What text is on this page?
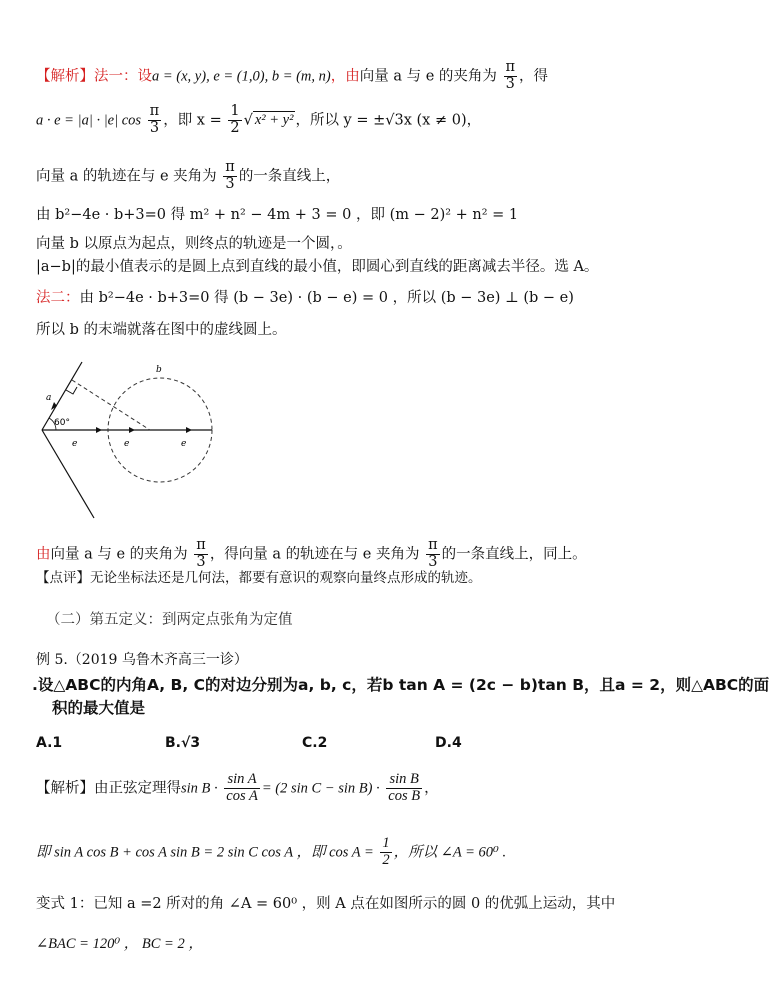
【解析】法一：设a = (x, y), e = (1,0), b = (m, n)，由向量 a 与 e 的夹角为 $\frac{\pi}{3}$ ，得
a · e = |a| · |e| $\cos \frac{\pi}{3}$ ，即 $x = \frac{1}{2}$ √ x² + y² ，所以 y = ±√3x (x ≠ 0)，
向量 a 的轨迹在与 e 夹角为 $\frac{\pi}{3}$ 的一条直线上，
由 b²−4e · b+3=0 得 m² + n² − 4m + 3 = 0 ，即 (m − 2)² + n² = 1
向量 b 以原点为起点，则终点的轨迹是一个圆，。
|a−b|的最小值表示的是圆上点到直线的最小值，即圆心到直线的距离减去半径。选 A。
法二：由 b²−4e · b+3=0 得 (b − 3e) · (b − e) = 0 ，所以 (b − 3e) ⊥ (b − e)
所以 b 的末端就落在图中的虚线圆上。
60°
a
b
e	e	e
由向量 a 与 e 的夹角为 $\frac{\pi}{3}$ ，得向量 a 的轨迹在与 e 夹角为 $\frac{\pi}{3}$ 的一条直线上，同上。
【点评】无论坐标法还是几何法，都要有意识的观察向量终点形成的轨迹。
（二）第五定义：到两定点张角为定值
例 5.（2019 乌鲁木齐高三一诊）
.设△ABC的内角A, B, C的对边分别为a, b, c，若b tan A = (2c − b)tan B，且a = 2，则△ABC的面
积的最大值是
A.1	B.√3	C.2	D.4
【解析】由正弦定理得$\sin B \cdot \frac{\text{sin A}}{\text{cos A}} = (2$ $\sin C - \sin B) \cdot \frac{\text{sin B}}{\text{cos B}}$ ，
即 sin A cos B + cos A sin B = 2 sin C cos A ，即 $\cos A = \frac{1}{2}$ ，所以 ∠A = 60⁰ .
变式 1：已知 a =2 所对的角 ∠A = 60⁰ ，则 A 点在如图所示的圆 0 的优弧上运动，其中
∠BAC = 120⁰ ， BC = 2 ，
